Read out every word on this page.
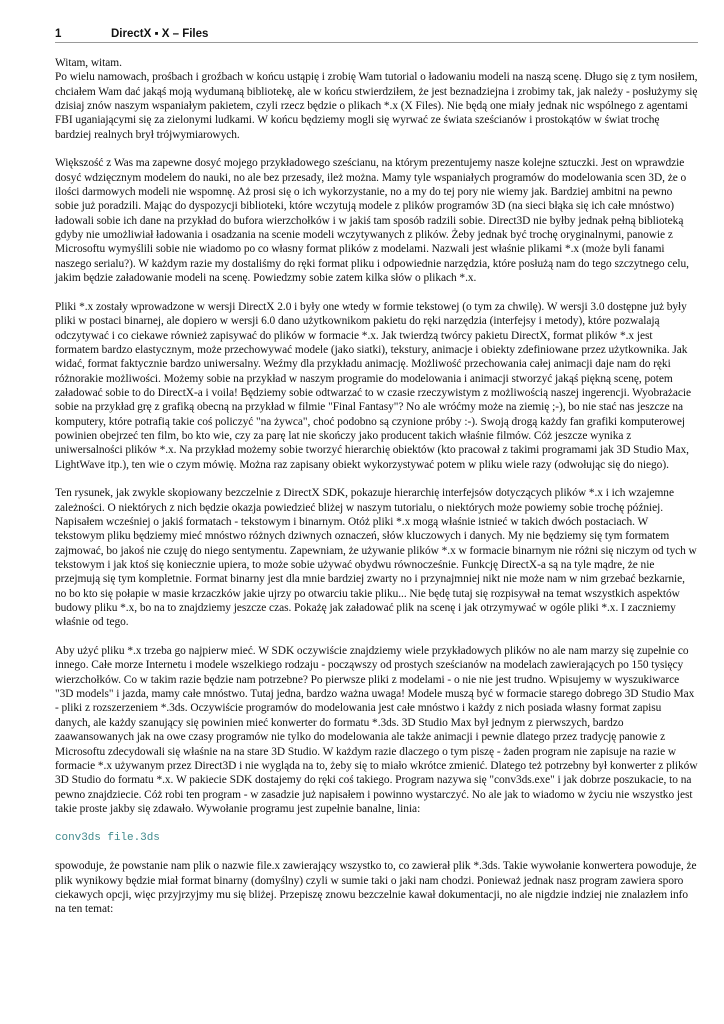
1	DirectX ▪ X – Files

Witam, witam.

Po wielu namowach, prośbach i groźbach w końcu ustąpię i zrobię Wam tutorial o ładowaniu modeli na naszą scenę. Długo się z tym nosiłem, chciałem Wam dać jakąś moją wydumaną bibliotekę, ale w końcu stwierdziłem, że jest beznadziejna i zrobimy tak, jak należy - posłużymy się dzisiaj znów naszym wspaniałym pakietem, czyli rzecz będzie o plikach *.x (X Files). Nie będą one miały jednak nic wspólnego z agentami FBI uganiającymi się za zielonymi ludkami. W końcu będziemy mogli się wyrwać ze świata sześcianów i prostokątów w świat trochę bardziej realnych brył trójwymiarowych.

Większość z Was ma zapewne dosyć mojego przykładowego sześcianu, na którym prezentujemy nasze kolejne sztuczki. Jest on wprawdzie dosyć wdzięcznym modelem do nauki, no ale bez przesady, ileż można. Mamy tyle wspaniałych programów do modelowania scen 3D, że o ilości darmowych modeli nie wspomnę. Aż prosi się o ich wykorzystanie, no a my do tej pory nie wiemy jak. Bardziej ambitni na pewno sobie już poradzili. Mając do dyspozycji biblioteki, które wczytują modele z plików programów 3D (na sieci błąka się ich całe mnóstwo) ładowali sobie ich dane na przykład do bufora wierzchołków i w jakiś tam sposób radzili sobie. Direct3D nie byłby jednak pełną biblioteką gdyby nie umożliwiał ładowania i osadzania na scenie modeli wczytywanych z plików. Żeby jednak być trochę oryginalnymi, panowie z Microsoftu wymyślili sobie nie wiadomo po co własny format plików z modelami. Nazwali jest właśnie plikami *.x (może byli fanami naszego serialu?). W każdym razie my dostaliśmy do ręki format pliku i odpowiednie narzędzia, które posłużą nam do tego szczytnego celu, jakim będzie załadowanie modeli na scenę. Powiedzmy sobie zatem kilka słów o plikach *.x.

Pliki *.x zostały wprowadzone w wersji DirectX 2.0 i były one wtedy w formie tekstowej (o tym za chwilę). W wersji 3.0 dostępne już były pliki w postaci binarnej, ale dopiero w wersji 6.0 dano użytkownikom pakietu do ręki narzędzia (interfejsy i metody), które pozwalają odczytywać i co ciekawe również zapisywać do plików w formacie *.x. Jak twierdzą twórcy pakietu DirectX, format plików *.x jest formatem bardzo elastycznym, może przechowywać modele (jako siatki), tekstury, animacje i obiekty zdefiniowane przez użytkownika. Jak widać, format faktycznie bardzo uniwersalny. Weźmy dla przykładu animację. Możliwość przechowania całej animacji daje nam do ręki różnorakie możliwości. Możemy sobie na przykład w naszym programie do modelowania i animacji stworzyć jakąś piękną scenę, potem załadować sobie to do DirectX-a i voila! Będziemy sobie odtwarzać to w czasie rzeczywistym z możliwością naszej ingerencji. Wyobrażacie sobie na przykład grę z grafiką obecną na przykład w filmie "Final Fantasy"? No ale wróćmy może na ziemię ;-), bo nie stać nas jeszcze na komputery, które potrafią takie coś policzyć "na żywca", choć podobno są czynione próby :-). Swoją drogą każdy fan grafiki komputerowej powinien obejrzeć ten film, bo kto wie, czy za parę lat nie skończy jako producent takich właśnie filmów. Cóż jeszcze wynika z uniwersalności plików *.x. Na przykład możemy sobie tworzyć hierarchię obiektów (kto pracował z takimi programami jak 3D Studio Max, LightWave itp.), ten wie o czym mówię. Można raz zapisany obiekt wykorzystywać potem w pliku wiele razy (odwołując się do niego).

Ten rysunek, jak zwykle skopiowany bezczelnie z DirectX SDK, pokazuje hierarchię interfejsów dotyczących plików *.x i ich wzajemne zależności. O niektórych z nich będzie okazja powiedzieć bliżej w naszym tutorialu, o niektórych może powiemy sobie trochę później. Napisałem wcześniej o jakiś formatach - tekstowym i binarnym. Otóż pliki *.x mogą właśnie istnieć w takich dwóch postaciach. W tekstowym pliku będziemy mieć mnóstwo różnych dziwnych oznaczeń, słów kluczowych i danych. My nie będziemy się tym formatem zajmować, bo jakoś nie czuję do niego sentymentu. Zapewniam, że używanie plików *.x w formacie binarnym nie różni się niczym od tych w tekstowym i jak ktoś się koniecznie upiera, to może sobie używać obydwu równocześnie. Funkcję DirectX-a są na tyle mądre, że nie przejmują się tym kompletnie. Format binarny jest dla mnie bardziej zwarty no i przynajmniej nikt nie może nam w nim grzebać bezkarnie, no bo kto się połapie w masie krzaczków jakie ujrzy po otwarciu takie pliku... Nie będę tutaj się rozpisywał na temat wszystkich aspektów budowy pliku *.x, bo na to znajdziemy jeszcze czas. Pokażę jak załadować plik na scenę i jak otrzymywać w ogóle pliki *.x. I zaczniemy właśnie od tego.

Aby użyć pliku *.x trzeba go najpierw mieć. W SDK oczywiście znajdziemy wiele przykładowych plików no ale nam marzy się zupełnie co innego. Całe morze Internetu i modele wszelkiego rodzaju - począwszy od prostych sześcianów na modelach zawierających po 150 tysięcy wierzchołków. Co w takim razie będzie nam potrzebne? Po pierwsze pliki z modelami - o nie nie jest trudno. Wpisujemy w wyszukiwarce "3D models" i jazda, mamy całe mnóstwo. Tutaj jedna, bardzo ważna uwaga! Modele muszą być w formacie starego dobrego 3D Studio Max - pliki z rozszerzeniem *.3ds. Oczywiście programów do modelowania jest całe mnóstwo i każdy z nich posiada własny format zapisu danych, ale każdy szanujący się powinien mieć konwerter do formatu *.3ds. 3D Studio Max był jednym z pierwszych, bardzo zaawansowanych jak na owe czasy programów nie tylko do modelowania ale także animacji i pewnie dlatego przez tradycję panowie z Microsoftu zdecydowali się właśnie na na stare 3D Studio. W każdym razie dlaczego o tym piszę - żaden program nie zapisuje na razie w formacie *.x używanym przez Direct3D i nie wygląda na to, żeby się to miało wkrótce zmienić. Dlatego też potrzebny był konwerter z plików 3D Studio do formatu *.x. W pakiecie SDK dostajemy do ręki coś takiego. Program nazywa się "conv3ds.exe" i jak dobrze poszukacie, to na pewno znajdziecie. Cóż robi ten program - w zasadzie już napisałem i powinno wystarczyć. No ale jak to wiadomo w życiu nie wszystko jest takie proste jakby się zdawało. Wywołanie programu jest zupełnie banalne, linia:

conv3ds file.3ds

spowoduje, że powstanie nam plik o nazwie file.x zawierający wszystko to, co zawierał plik *.3ds. Takie wywołanie konwertera powoduje, że plik wynikowy będzie miał format binarny (domyślny) czyli w sumie taki o jaki nam chodzi. Ponieważ jednak nasz program zawiera sporo ciekawych opcji, więc przyjrzyjmy mu się bliżej. Przepiszę znowu bezczelnie kawał dokumentacji, no ale nigdzie indziej nie znalazłem info na ten temat:
